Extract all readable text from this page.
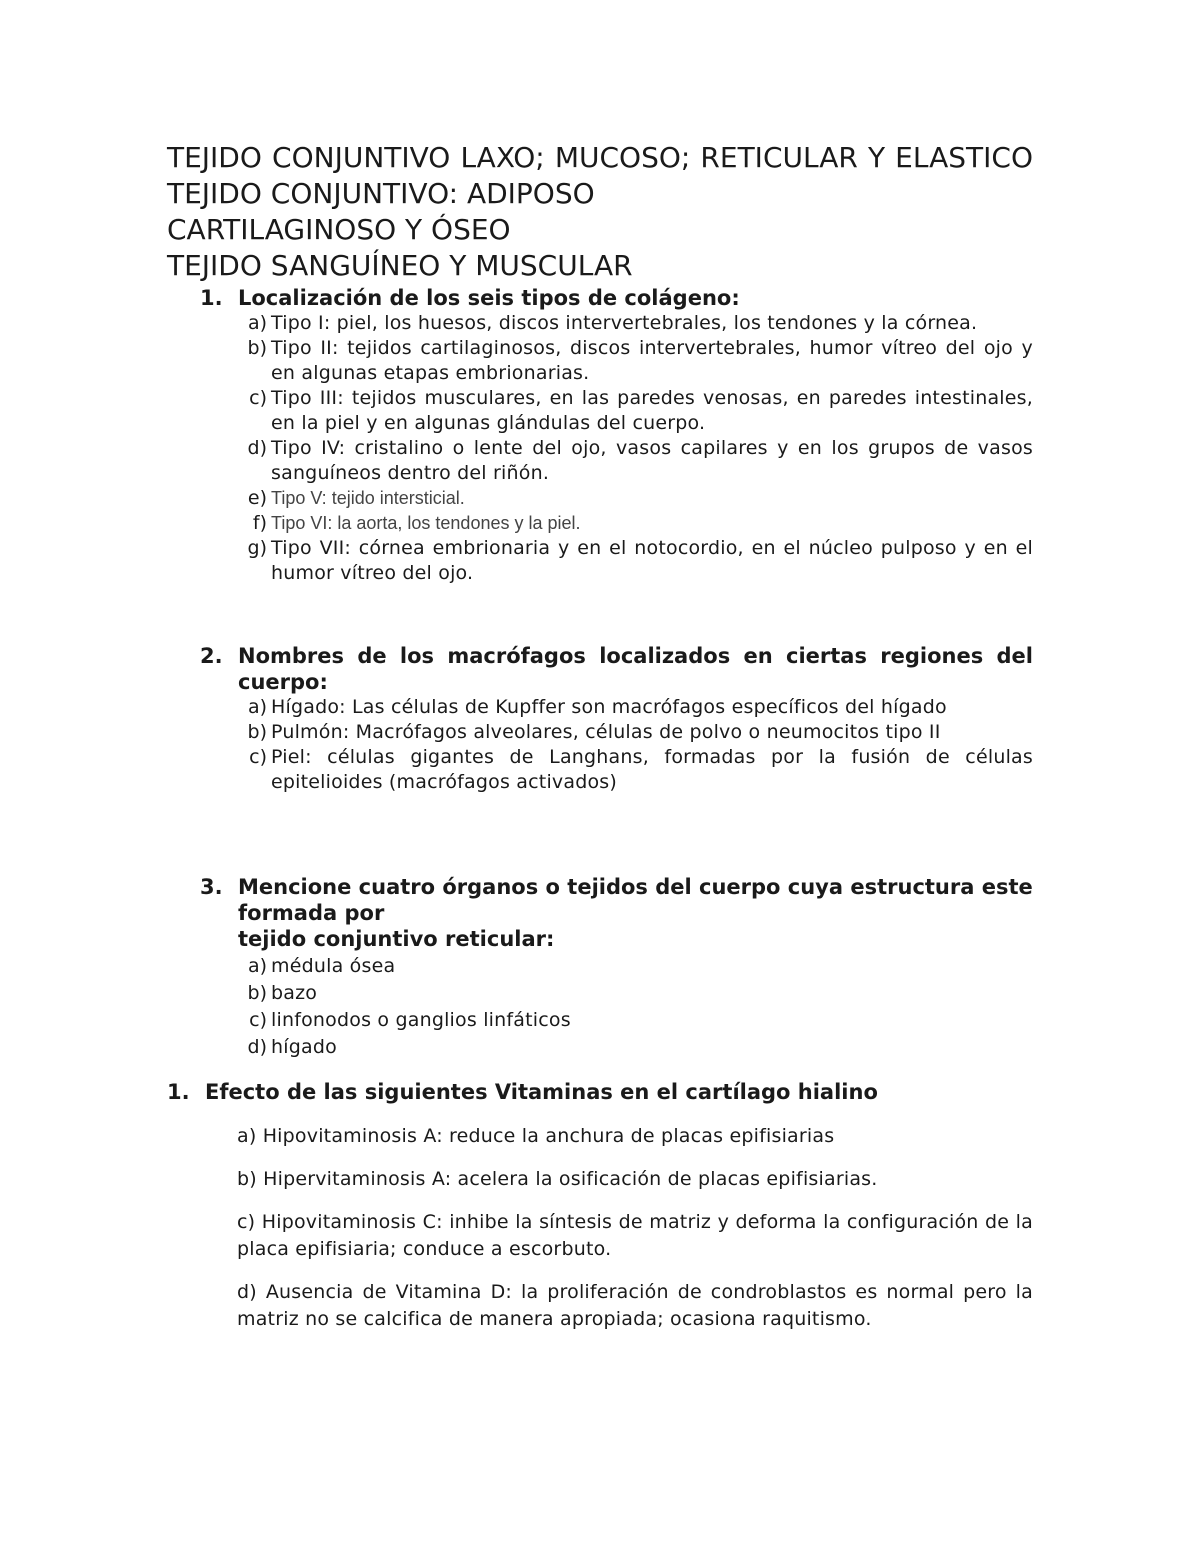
TEJIDO CONJUNTIVO LAXO; MUCOSO; RETICULAR Y ELASTICO TEJIDO CONJUNTIVO: ADIPOSO

CARTILAGINOSO Y ÓSEO

TEJIDO SANGUÍNEO Y MUSCULAR

1. Localización de los seis tipos de colágeno:
a) Tipo I: piel, los huesos, discos intervertebrales, los tendones y la córnea.
b) Tipo II: tejidos cartilaginosos, discos intervertebrales, humor vítreo del ojo y en algunas etapas embrionarias.
c) Tipo III: tejidos musculares, en las paredes venosas, en paredes intestinales, en la piel y en algunas glándulas del cuerpo.
d) Tipo IV: cristalino o lente del ojo, vasos capilares y en los grupos de vasos sanguíneos dentro del riñón.
e) Tipo V: tejido intersticial.
f) Tipo VI: la aorta, los tendones y la piel.
g) Tipo VII: córnea embrionaria y en el notocordio, en el núcleo pulposo y en el humor vítreo del ojo.
2. Nombres de los macrófagos localizados en ciertas regiones del cuerpo:
a) Hígado: Las células de Kupffer son macrófagos específicos del hígado
b) Pulmón: Macrófagos alveolares, células de polvo o neumocitos tipo II
c) Piel: células gigantes de Langhans, formadas por la fusión de células epitelioides (macrófagos activados)
3. Mencione cuatro órganos o tejidos del cuerpo cuya estructura este formada por
tejido conjuntivo reticular:
a) médula ósea
b) bazo
c) linfonodos o ganglios linfáticos
d) hígado
1. Efecto de las siguientes Vitaminas en el cartílago hialino

a) Hipovitaminosis A: reduce la anchura de placas epifisiarias

b) Hipervitaminosis A: acelera la osificación de placas epifisiarias.

c) Hipovitaminosis C: inhibe la síntesis de matriz y deforma la configuración de la placa epifisiaria; conduce a escorbuto.

d) Ausencia de Vitamina D: la proliferación de condroblastos es normal pero la matriz no se calcifica de manera apropiada; ocasiona raquitismo.
